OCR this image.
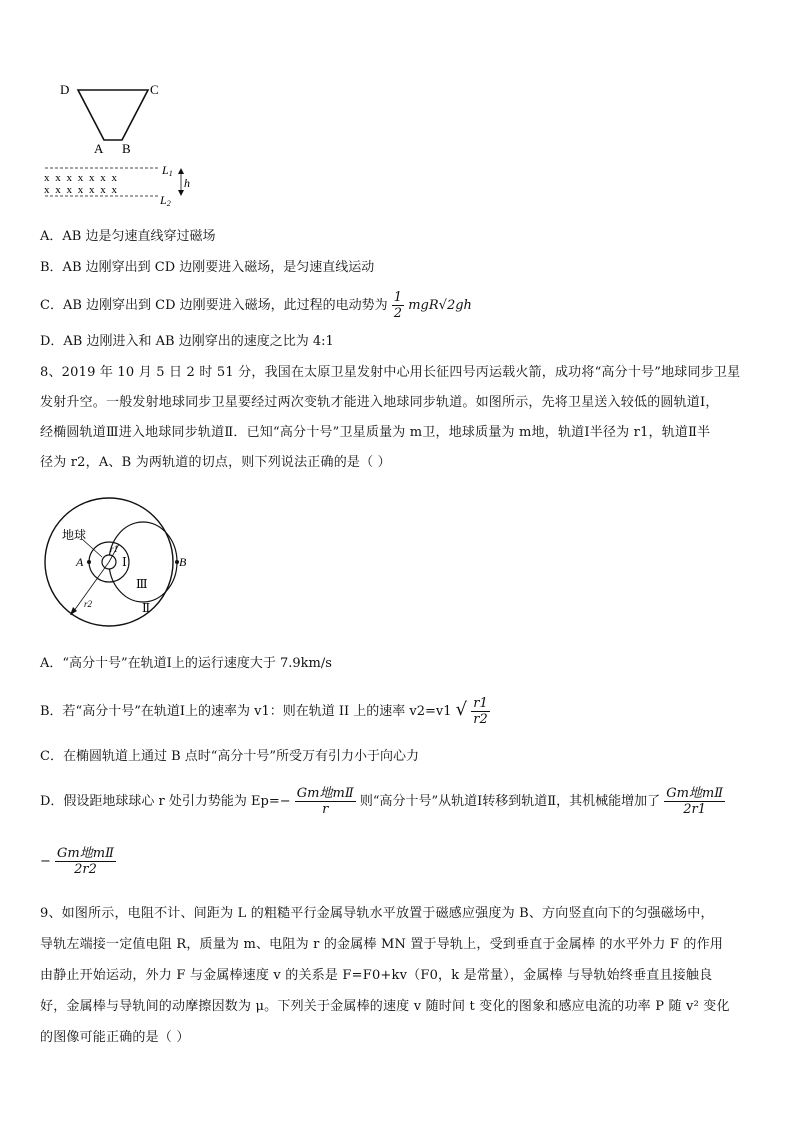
D	C
A B
x x x x x x x
x x x x x x x
L1
L2
h
A．AB 边是匀速直线穿过磁场
B．AB 边刚穿出到 CD 边刚要进入磁场，是匀速直线运动
C．AB 边刚穿出到 CD 边刚要进入磁场，此过程的电动势为 $\frac{1}{2} mgR√2gh$
D．AB 边刚进入和 AB 边刚穿出的速度之比为 4:1
8、2019 年 10 月 5 日 2 时 51 分，我国在太原卫星发射中心用长征四号丙运载火箭，成功将“高分十号”地球同步卫星
发射升空。一般发射地球同步卫星要经过两次变轨才能进入地球同步轨道。如图所示，先将卫星送入较低的圆轨道Ⅰ，
经椭圆轨道Ⅲ进入地球同步轨道Ⅱ．已知“高分十号”卫星质量为 m卫，地球质量为 m地，轨道Ⅰ半径为 r1，轨道Ⅱ半
径为 r2，A、B 为两轨道的切点，则下列说法正确的是（ ）
地球
r1
r2
A	B
Ⅰ
Ⅲ
Ⅱ
A．“高分十号”在轨道Ⅰ上的运行速度大于 7.9km/s
B．若“高分十号”在轨道Ⅰ上的速率为 v1：则在轨道 II 上的速率 v2=v1 √ $\frac{r1}{r2}$
C．在椭圆轨道上通过 B 点时“高分十号”所受万有引力小于向心力
D．假设距地球球心 r 处引力势能为 $Ep=- \frac{\text{Gm地mⅡ}}{r}$ 则“高分十号”从轨道Ⅰ转移到轨道Ⅱ，其机械能增加了 $\frac{\text{Gm地mⅡ}}{2r1}$
− $\frac{\text{Gm地mⅡ}}{2r2}$
9、如图所示，电阻不计、间距为 L 的粗糙平行金属导轨水平放置于磁感应强度为 B、方向竖直向下的匀强磁场中，
导轨左端接一定值电阻 R，质量为 m、电阻为 r 的金属棒 MN 置于导轨上，受到垂直于金属棒 的水平外力 F 的作用
由静止开始运动，外力 F 与金属棒速度 v 的关系是 F=F0+kv（F0，k 是常量），金属棒 与导轨始终垂直且接触良
好，金属棒与导轨间的动摩擦因数为 μ。下列关于金属棒的速度 v 随时间 t 变化的图象和感应电流的功率 P 随 v² 变化
的图像可能正确的是（ ）
